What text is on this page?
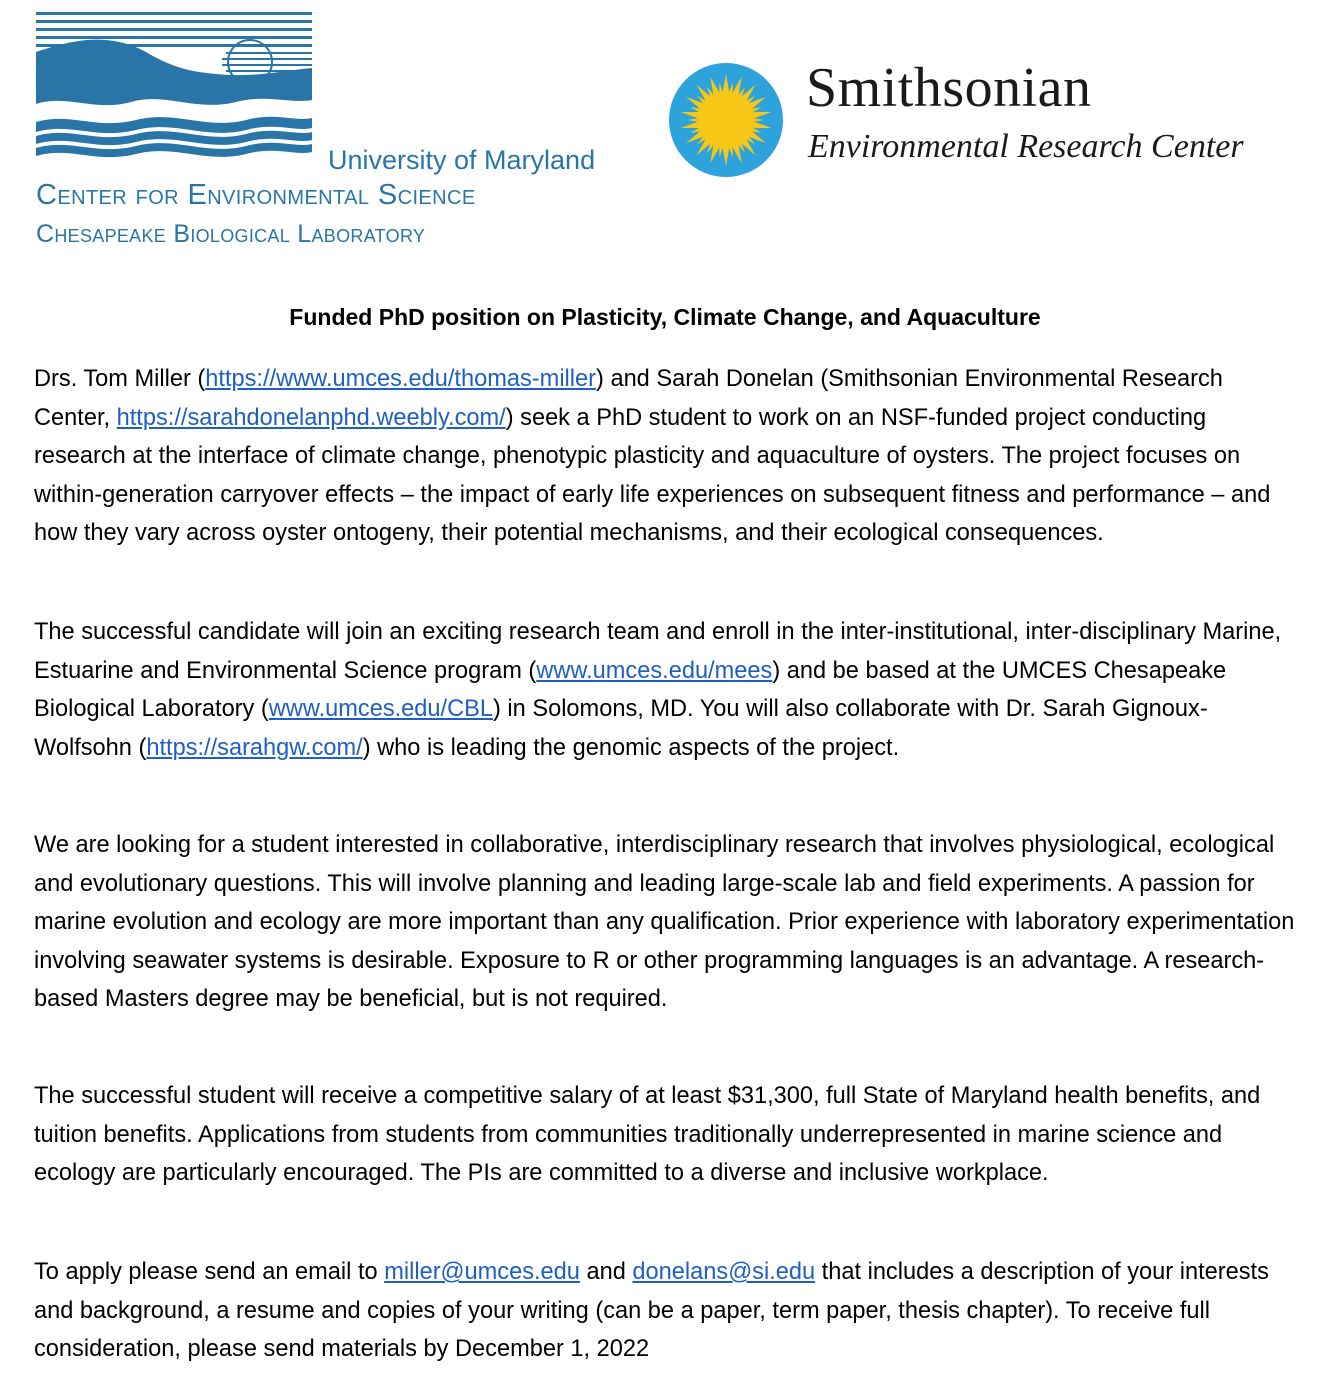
University of Maryland
Center for Environmental Science
Chesapeake Biological Laboratory
Smithsonian
Environmental Research Center
Funded PhD position on Plasticity, Climate Change, and Aquaculture

Drs. Tom Miller (https://www.umces.edu/thomas-miller) and Sarah Donelan (Smithsonian Environmental Research Center, https://sarahdonelanphd.weebly.com/) seek a PhD student to work on an NSF-funded project conducting research at the interface of climate change, phenotypic plasticity and aquaculture of oysters. The project focuses on within-generation carryover effects – the impact of early life experiences on subsequent fitness and performance – and how they vary across oyster ontogeny, their potential mechanisms, and their ecological consequences.

The successful candidate will join an exciting research team and enroll in the inter-institutional, inter-disciplinary Marine, Estuarine and Environmental Science program (www.umces.edu/mees) and be based at the UMCES Chesapeake Biological Laboratory (www.umces.edu/CBL) in Solomons, MD. You will also collaborate with Dr. Sarah Gignoux-Wolfsohn (https://sarahgw.com/) who is leading the genomic aspects of the project.

We are looking for a student interested in collaborative, interdisciplinary research that involves physiological, ecological and evolutionary questions. This will involve planning and leading large-scale lab and field experiments. A passion for marine evolution and ecology are more important than any qualification. Prior experience with laboratory experimentation involving seawater systems is desirable. Exposure to R or other programming languages is an advantage. A research-based Masters degree may be beneficial, but is not required.

The successful student will receive a competitive salary of at least $31,300, full State of Maryland health benefits, and tuition benefits. Applications from students from communities traditionally underrepresented in marine science and ecology are particularly encouraged. The PIs are committed to a diverse and inclusive workplace.

To apply please send an email to miller@umces.edu and donelans@si.edu that includes a description of your interests and background, a resume and copies of your writing (can be a paper, term paper, thesis chapter). To receive full consideration, please send materials by December 1, 2022
